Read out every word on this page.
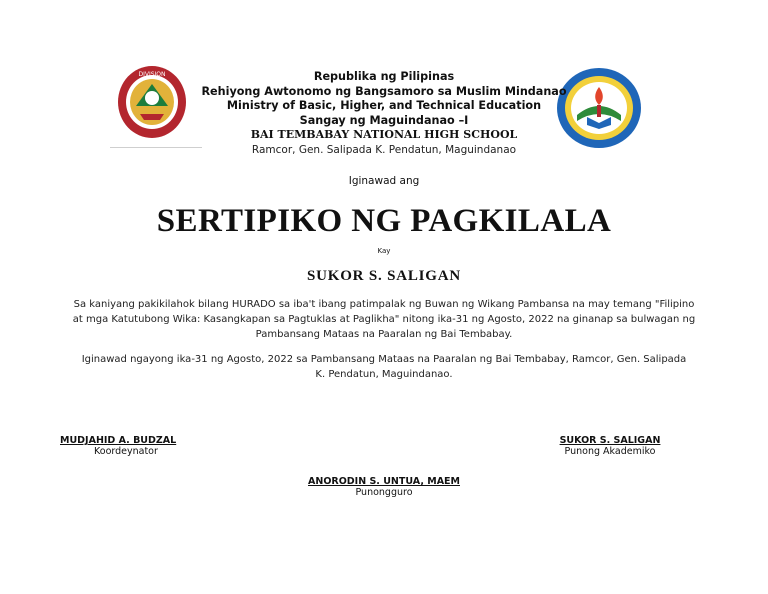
DIVISION	Republika ng Pilipinas
Rehiyong Awtonomo ng Bangsamoro sa Muslim Mindanao
Ministry of Basic, Higher, and Technical Education
Sangay ng Maguindanao –I
BAI TEMBABAY NATIONAL HIGH SCHOOL
Ramcor, Gen. Salipada K. Pendatun, Maguindanao
Iginawad ang
SERTIPIKO NG PAGKILALA
Kay
SUKOR S. SALIGAN
Sa kaniyang pakikilahok bilang HURADO sa iba't ibang patimpalak ng Buwan ng Wikang Pambansa na may temang "Filipino at mga Katutubong Wika: Kasangkapan sa Pagtuklas at Paglikha" nitong ika-31 ng Agosto, 2022 na ginanap sa bulwagan ng Pambansang Mataas na Paaralan ng Bai Tembabay.
Iginawad ngayong ika-31 ng Agosto, 2022 sa Pambansang Mataas na Paaralan ng Bai Tembabay, Ramcor, Gen. Salipada K. Pendatun, Maguindanao.
MUDJAHID A. BUDZAL
Koordeynator
SUKOR S. SALIGAN
Punong Akademiko
ANORODIN S. UNTUA, MAEM
Punongguro
